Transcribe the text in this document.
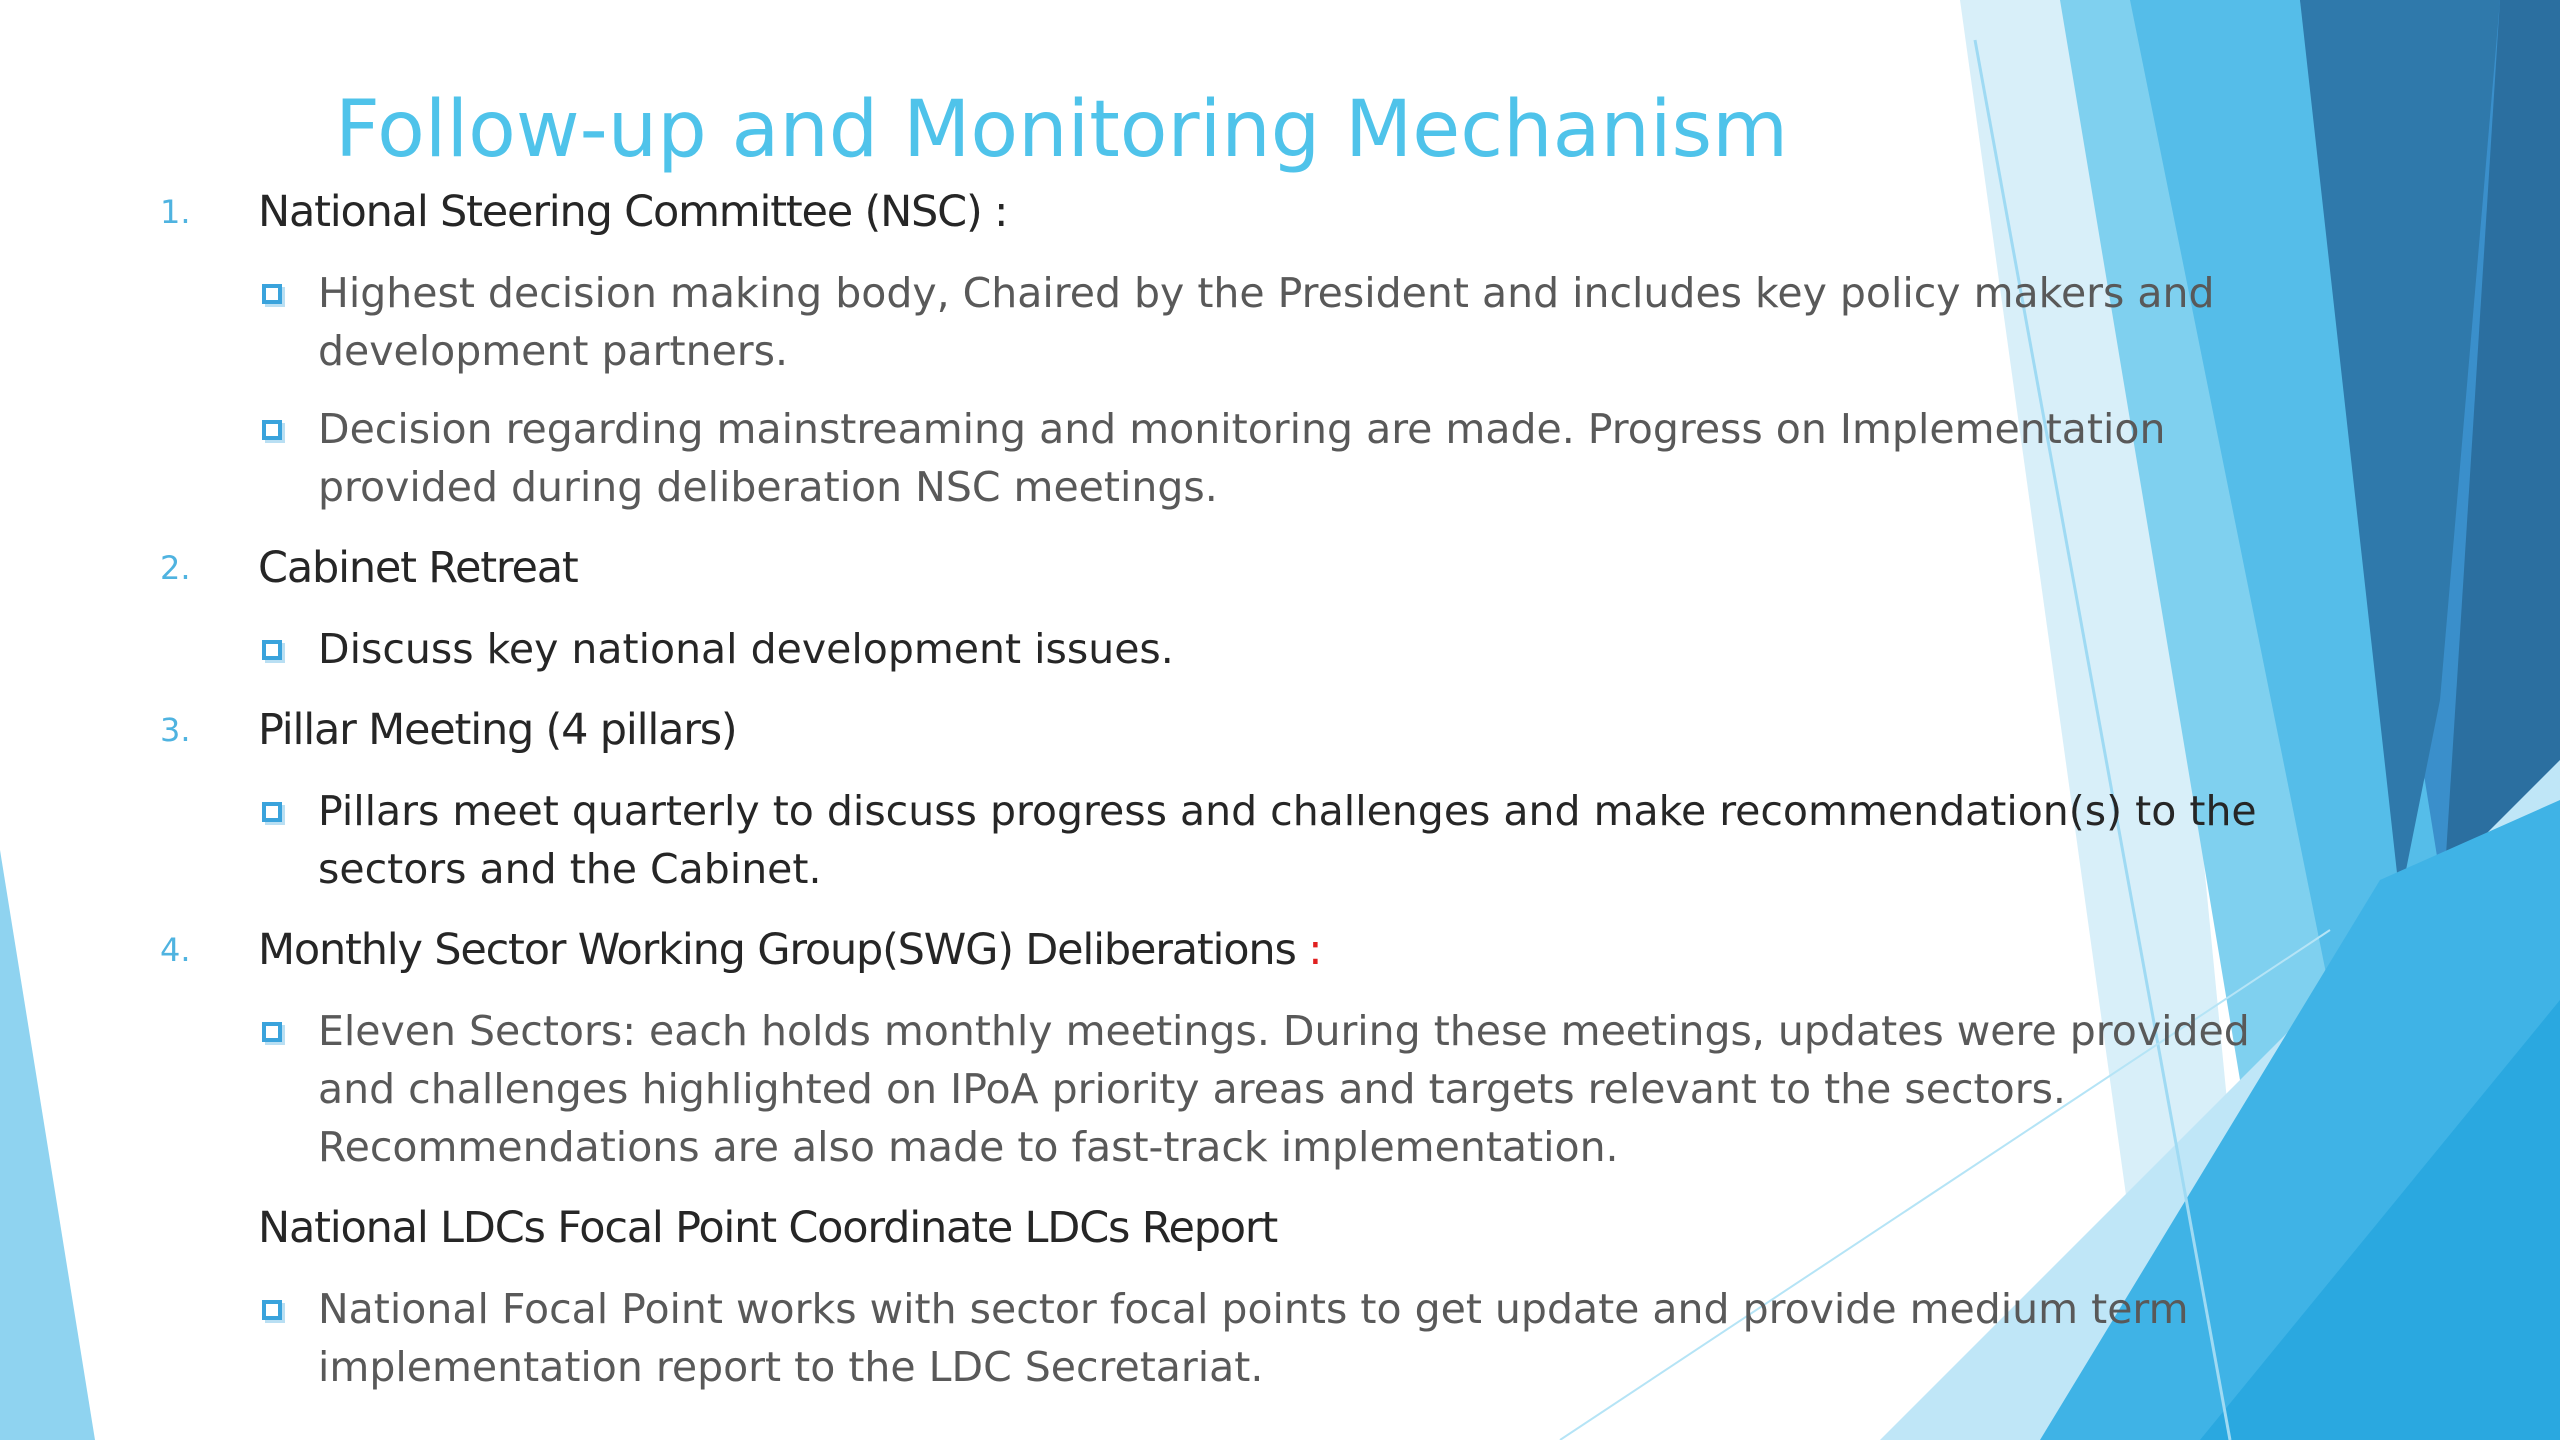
Follow-up and Monitoring Mechanism
1. National Steering Committee (NSC) :
Highest decision making body, Chaired by the President and includes key policy makers and development partners.
Decision regarding mainstreaming and monitoring are made. Progress on Implementation provided during deliberation NSC meetings.
2. Cabinet Retreat
Discuss key national development issues.
3. Pillar Meeting (4 pillars)
Pillars meet quarterly to discuss progress and challenges and make recommendation(s) to the sectors and the Cabinet.
4. Monthly Sector Working Group(SWG) Deliberations :
Eleven Sectors: each holds monthly meetings. During these meetings, updates were provided and challenges highlighted on IPoA priority areas and targets relevant to the sectors. Recommendations are also made to fast-track implementation.
National LDCs Focal Point Coordinate LDCs Report
National Focal Point works with sector focal points to get update and provide medium term implementation report to the LDC Secretariat.
